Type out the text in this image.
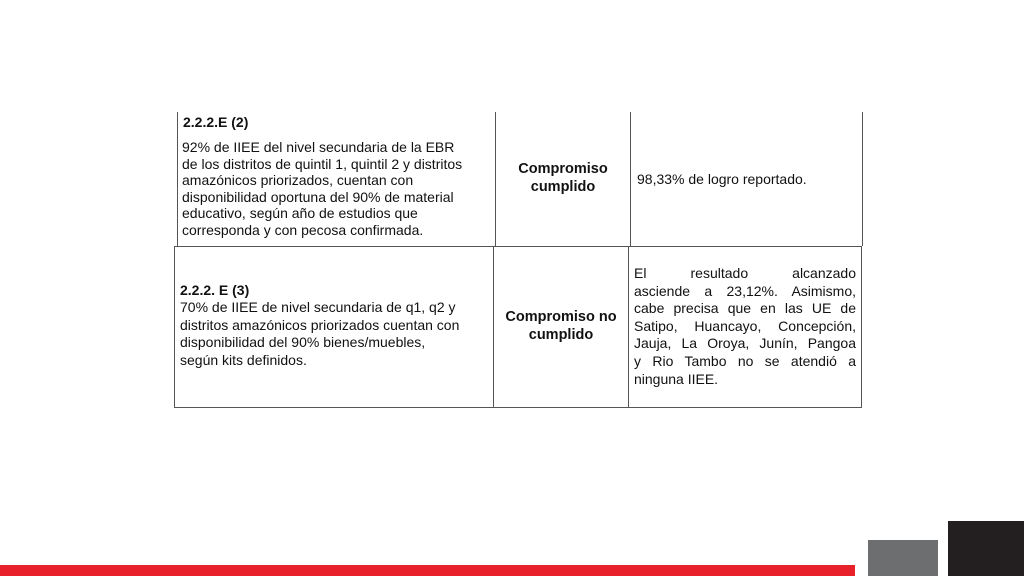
2.2.2.E (2)
92% de IIEE del nivel secundaria de la EBR
de los distritos de quintil 1, quintil 2 y distritos
amazónicos priorizados, cuentan con
disponibilidad oportuna del 90% de material
educativo, según año de estudios que
corresponda y con pecosa confirmada.
Compromiso
cumplido	98,33% de logro reportado.
2.2.2. E (3)
70% de IIEE de nivel secundaria de q1, q2 y
distritos amazónicos priorizados cuentan con
disponibilidad del 90% bienes/muebles,
según kits definidos.
Compromiso no
cumplido
El resultado alcanzado
asciende a 23,12%. Asimismo,
cabe precisa que en las UE de
Satipo, Huancayo, Concepción,
Jauja, La Oroya, Junín, Pangoa
y Rio Tambo no se atendió a
ninguna IIEE.
